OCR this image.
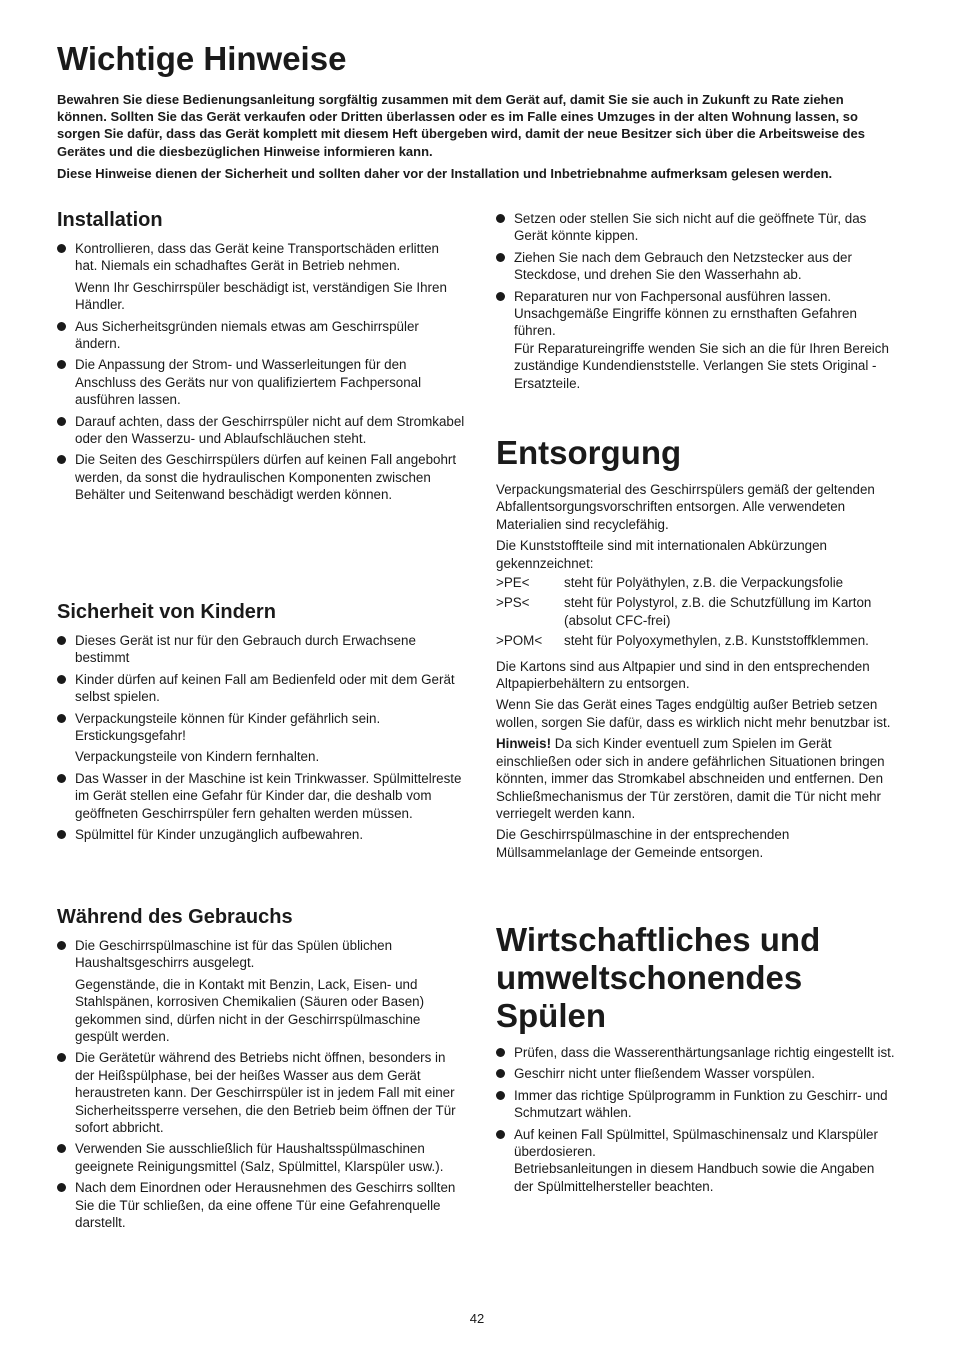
Wichtige Hinweise

Bewahren Sie diese Bedienungsanleitung sorgfältig zusammen mit dem Gerät auf, damit Sie sie auch in Zukunft zu Rate ziehen können. Sollten Sie das Gerät verkaufen oder Dritten überlassen oder es im Falle eines Umzuges in der alten Wohnung lassen, so sorgen Sie dafür, dass das Gerät komplett mit diesem Heft übergeben wird, damit der neue Besitzer sich über die Arbeitsweise des Gerätes und die diesbezüglichen Hinweise informieren kann.

Diese Hinweise dienen der Sicherheit und sollten daher vor der Installation und Inbetriebnahme aufmerksam gelesen werden.

Installation

Kontrollieren, dass das Gerät keine Transportschäden erlitten hat. Niemals ein schadhaftes Gerät in Betrieb nehmen.

Wenn Ihr Geschirrspüler beschädigt ist, verständigen Sie Ihren Händler.

Aus Sicherheitsgründen niemals etwas am Geschirrspüler ändern.

Die Anpassung der Strom- und Wasserleitungen für den Anschluss des Geräts nur von qualifiziertem Fachpersonal ausführen lassen.

Darauf achten, dass der Geschirrspüler nicht auf dem Stromkabel oder den Wasserzu- und Ablaufschläuchen steht.

Die Seiten des Geschirrspülers dürfen auf keinen Fall angebohrt werden, da sonst die hydraulischen Komponenten zwischen Behälter und Seitenwand beschädigt werden können.

Sicherheit von Kindern

Dieses Gerät ist nur für den Gebrauch durch Erwachsene bestimmt

Kinder dürfen auf keinen Fall am Bedienfeld oder mit dem Gerät selbst spielen.

Verpackungsteile können für Kinder gefährlich sein. Erstickungsgefahr!

Verpackungsteile von Kindern fernhalten.

Das Wasser in der Maschine ist kein Trinkwasser. Spülmittelreste im Gerät stellen eine Gefahr für Kinder dar, die deshalb vom geöffneten Geschirrspüler fern gehalten werden müssen.

Spülmittel für Kinder unzugänglich aufbewahren.

Während des Gebrauchs

Die Geschirrspülmaschine ist für das Spülen üblichen Haushaltsgeschirrs ausgelegt.

Gegenstände, die in Kontakt mit Benzin, Lack, Eisen- und Stahlspänen, korrosiven Chemikalien (Säuren oder Basen) gekommen sind, dürfen nicht in der Geschirrspülmaschine gespült werden.

Die Gerätetür während des Betriebs nicht öffnen, besonders in der Heißspülphase, bei der heißes Wasser aus dem Gerät heraustreten kann. Der Geschirrspüler ist in jedem Fall mit einer Sicherheitssperre versehen, die den Betrieb beim öffnen der Tür sofort abbricht.

Verwenden Sie ausschließlich für Haushaltsspülmaschinen geeignete Reinigungsmittel (Salz, Spülmittel, Klarspüler usw.).

Nach dem Einordnen oder Herausnehmen des Geschirrs sollten Sie die Tür schließen, da eine offene Tür eine Gefahrenquelle darstellt.

Setzen oder stellen Sie sich nicht auf die geöffnete Tür, das Gerät könnte kippen.

Ziehen Sie nach dem Gebrauch den Netzstecker aus der Steckdose, und drehen Sie den Wasserhahn ab.

Reparaturen nur von Fachpersonal ausführen lassen. Unsachgemäße Eingriffe können zu ernsthaften Gefahren führen.
Für Reparatureingriffe wenden Sie sich an die für Ihren Bereich zuständige Kundendienststelle. Verlangen Sie stets Original -Ersatzteile.

Entsorgung

Verpackungsmaterial des Geschirrspülers gemäß der geltenden Abfallentsorgungsvorschriften entsorgen. Alle verwendeten Materialien sind recyclefähig.

Die Kunststoffteile sind mit internationalen Abkürzungen gekennzeichnet:

>PE<	steht für Polyäthylen, z.B. die Verpackungsfolie
>PS<	steht für Polystyrol, z.B. die Schutzfüllung im Karton (absolut CFC-frei)
>POM<	steht für Polyoxymethylen, z.B. Kunststoffklemmen.

Die Kartons sind aus Altpapier und sind in den entsprechenden Altpapierbehältern zu entsorgen.

Wenn Sie das Gerät eines Tages endgültig außer Betrieb setzen wollen, sorgen Sie dafür, dass es wirklich nicht mehr benutzbar ist.

Hinweis! Da sich Kinder eventuell zum Spielen im Gerät einschließen oder sich in andere gefährlichen Situationen bringen könnten, immer das Stromkabel abschneiden und entfernen. Den Schließmechanismus der Tür zerstören, damit die Tür nicht mehr verriegelt werden kann.

Die Geschirrspülmaschine in der entsprechenden Müllsammelanlage der Gemeinde entsorgen.

Wirtschaftliches und umweltschonendes Spülen

Prüfen, dass die Wasserenthärtungsanlage richtig eingestellt ist.

Geschirr nicht unter fließendem Wasser vorspülen.

Immer das richtige Spülprogramm in Funktion zu Geschirr- und Schmutzart wählen.

Auf keinen Fall Spülmittel, Spülmaschinensalz und Klarspüler überdosieren.
Betriebsanleitungen in diesem Handbuch sowie die Angaben der Spülmittelhersteller beachten.

42
